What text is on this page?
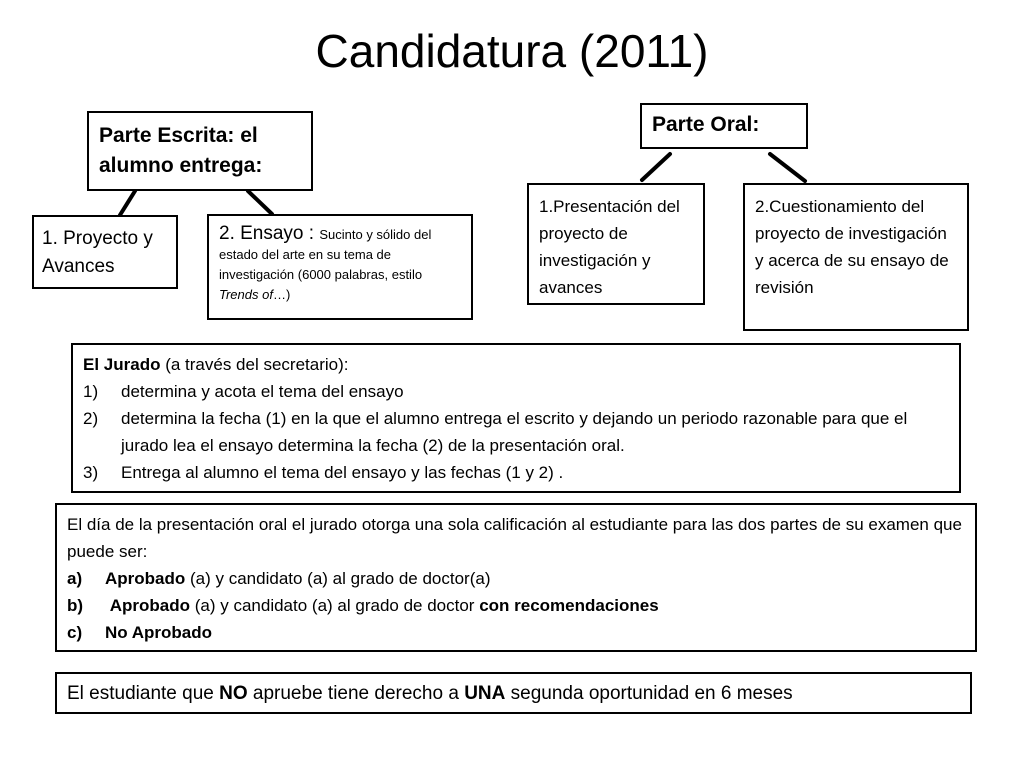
Candidatura (2011)
Parte Escrita: el alumno entrega:
1. Proyecto y Avances
2. Ensayo : Sucinto y sólido del estado del arte en su tema de investigación (6000 palabras, estilo Trends of…)
Parte Oral:
1.Presentación del proyecto de investigación y avances
2.Cuestionamiento del proyecto de investigación y acerca de su ensayo de revisión
El Jurado (a través del secretario):
1)	determina y acota el tema del ensayo
2)	determina la fecha (1) en la que el alumno entrega el escrito y dejando un periodo razonable para que el jurado lea el ensayo determina la fecha (2) de la presentación oral.
3)	Entrega al alumno el tema del ensayo y las fechas (1 y 2) .
El día de la presentación oral el jurado otorga una sola calificación al estudiante para las dos partes de su examen que puede ser:
a)	Aprobado (a) y candidato (a) al grado de doctor(a)
b)	Aprobado (a) y candidato (a) al grado de doctor con recomendaciones
c)	No Aprobado
El estudiante que NO apruebe tiene derecho a UNA segunda oportunidad en 6 meses
